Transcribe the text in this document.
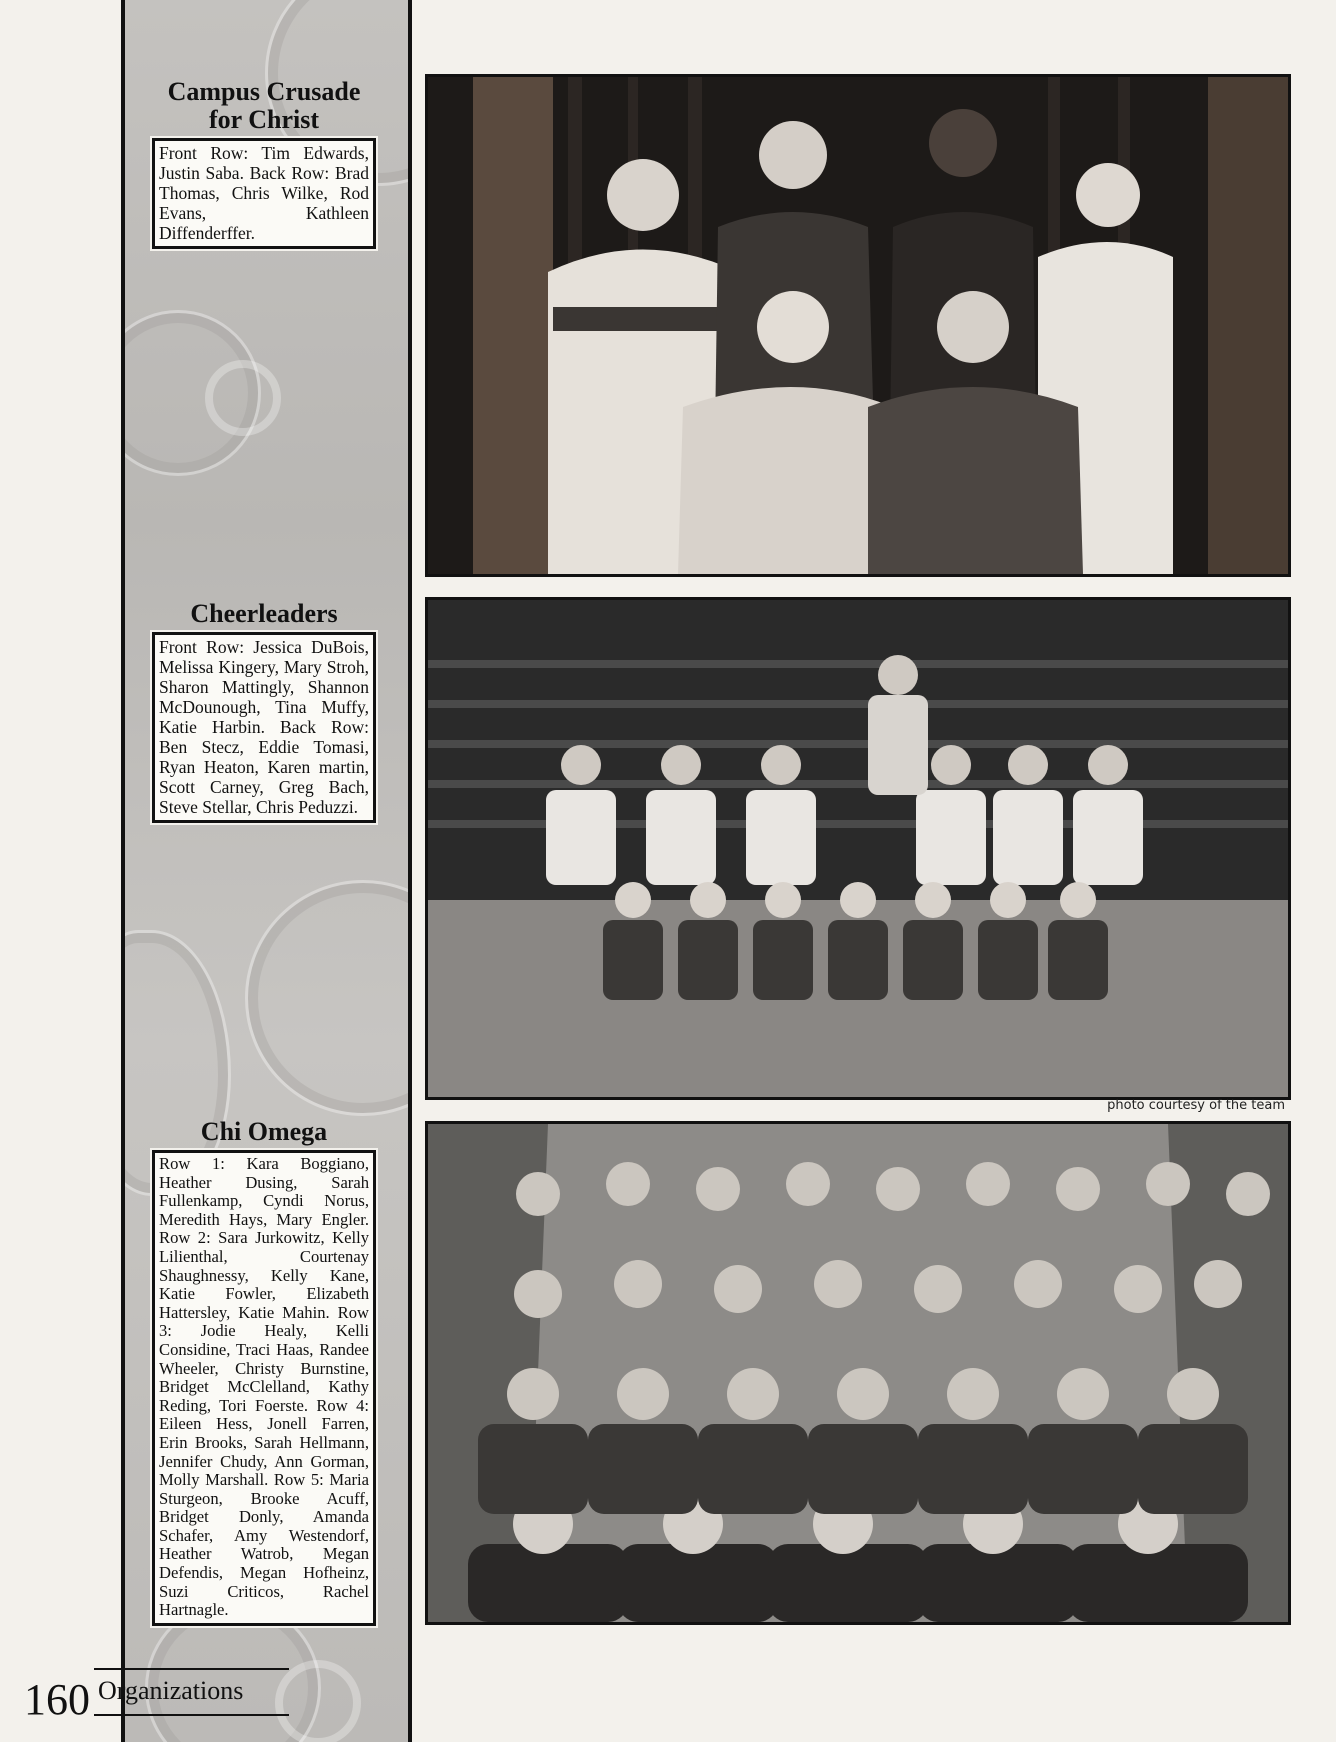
Campus Crusade
for Christ
Front Row: Tim Edwards, Justin Saba. Back Row: Brad Thomas, Chris Wilke, Rod Evans, Kathleen Diffenderffer.
Cheerleaders
Front Row: Jessica DuBois, Melissa Kingery, Mary Stroh, Sharon Mattingly, Shannon McDounough, Tina Muffy, Katie Harbin. Back Row: Ben Stecz, Eddie Tomasi, Ryan Heaton, Karen martin, Scott Carney, Greg Bach, Steve Stellar, Chris Peduzzi.
Chi Omega
Row 1: Kara Boggiano, Heather Dusing, Sarah Fullenkamp, Cyndi Norus, Meredith Hays, Mary Engler. Row 2: Sara Jurkowitz, Kelly Lilienthal, Courtenay Shaughnessy, Kelly Kane, Katie Fowler, Elizabeth Hattersley, Katie Mahin. Row 3: Jodie Healy, Kelli Considine, Traci Haas, Randee Wheeler, Christy Burnstine, Bridget McClelland, Kathy Reding, Tori Foerste. Row 4: Eileen Hess, Jonell Farren, Erin Brooks, Sarah Hellmann, Jennifer Chudy, Ann Gorman, Molly Marshall. Row 5: Maria Sturgeon, Brooke Acuff, Bridget Donly, Amanda Schafer, Amy Westendorf, Heather Watrob, Megan Defendis, Megan Hofheinz, Suzi Criticos, Rachel Hartnagle.
photo courtesy of the team
160 Organizations
